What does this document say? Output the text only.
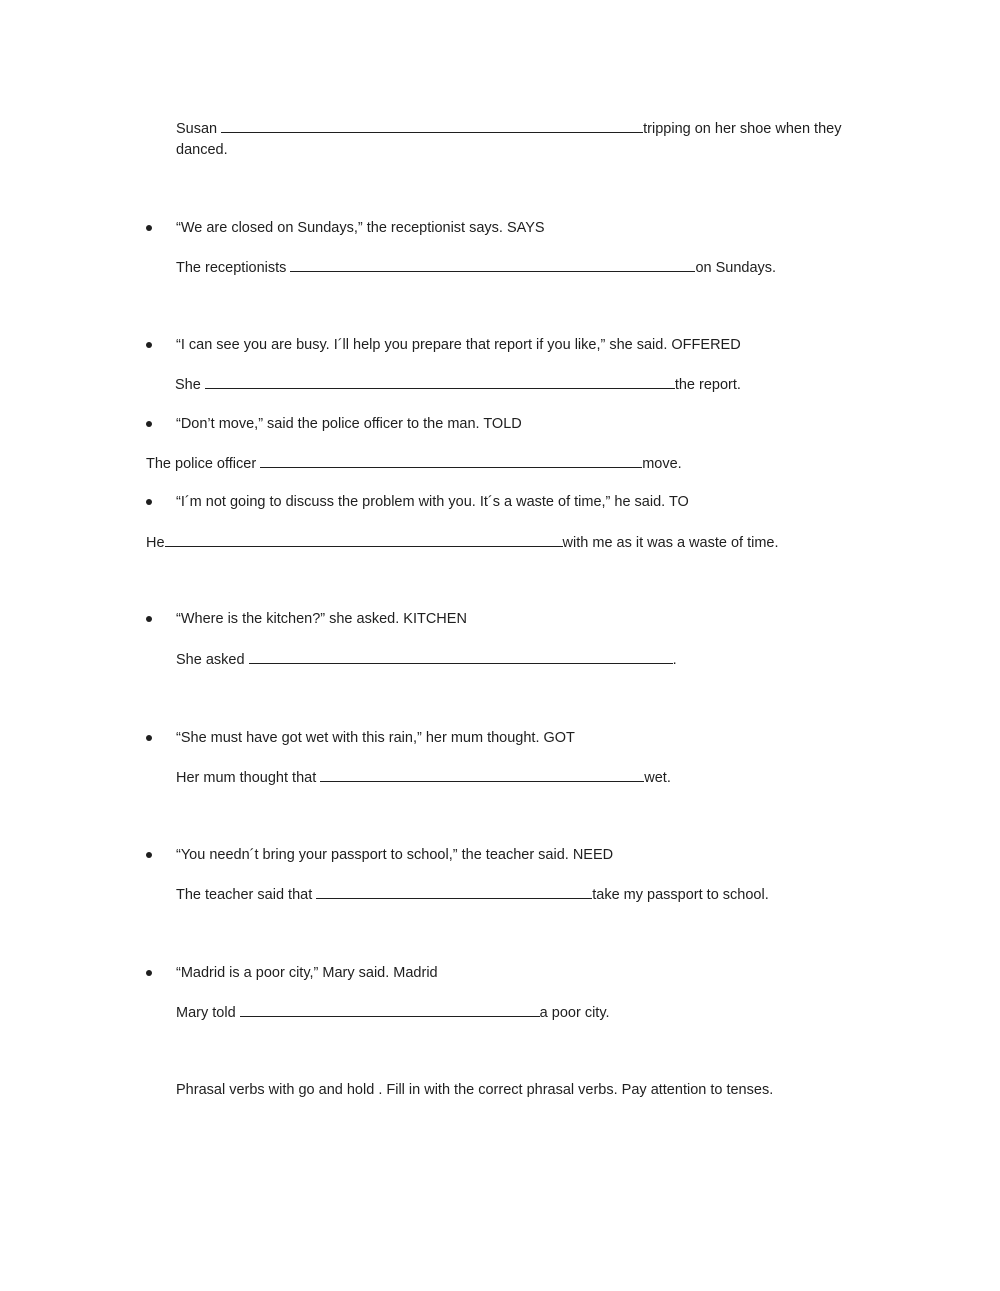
Susan	tripping on her shoe when they
danced.
“We are closed on Sundays,” the receptionist says. SAYS
The receptionists	on Sundays.
“I can see you are busy. I´ll help you prepare that report if you like,” she said. OFFERED
She	the report.
“Don’t move,” said the police officer to the man. TOLD
The police officer	move.
“I´m not going to discuss the problem with you. It´s a waste of time,” he said. TO
He	with me as it was a waste of time.
“Where is the kitchen?” she asked. KITCHEN
She asked	.
“She must have got wet with this rain,” her mum thought. GOT
Her mum thought that	wet.
“You needn´t bring your passport to school,” the teacher said. NEED
The teacher said that	take my passport to school.
“Madrid is a poor city,” Mary said. Madrid
Mary told	a poor city.
Phrasal verbs with go and hold . Fill in with the correct phrasal verbs. Pay attention to tenses.
